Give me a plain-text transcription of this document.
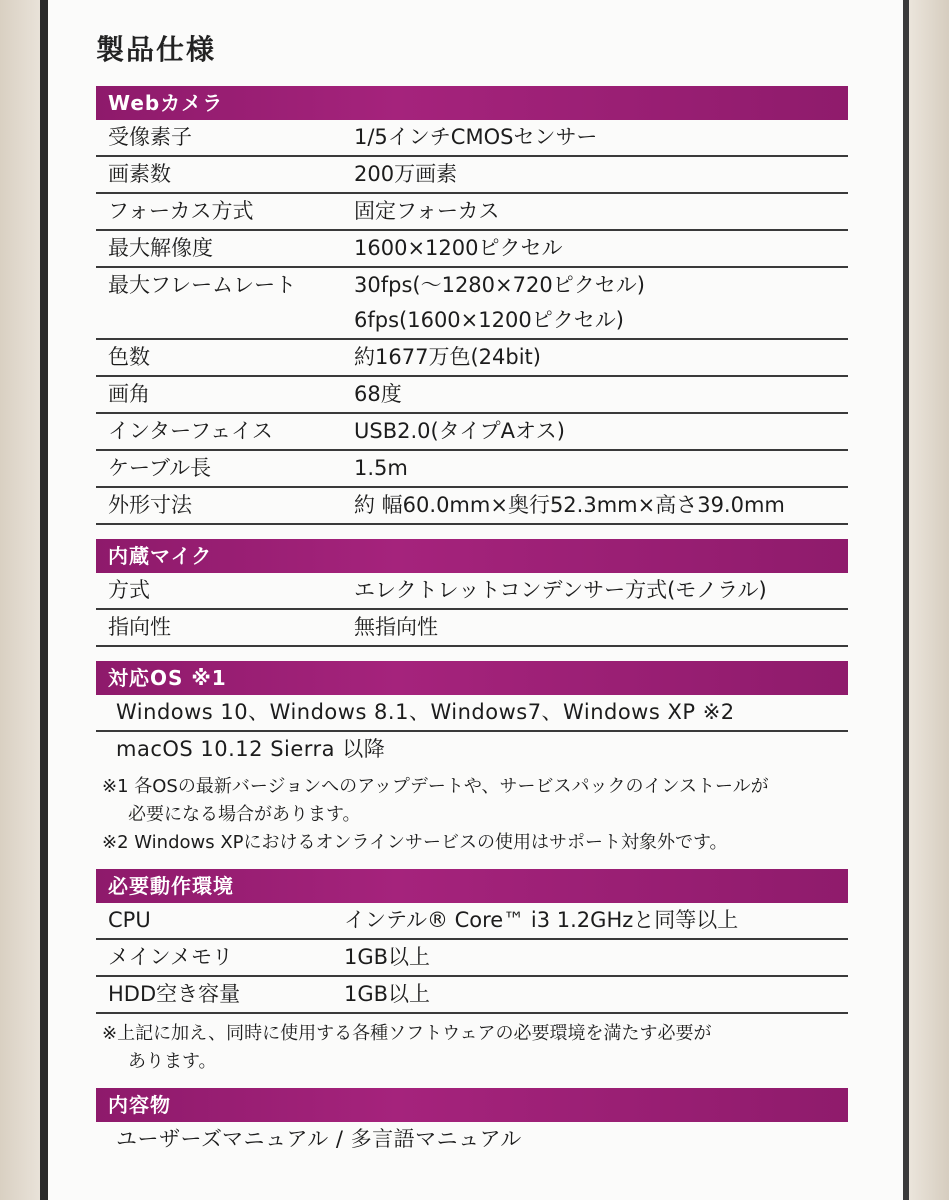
製品仕様
Webカメラ
受像素子	1/5インチCMOSセンサー
画素数	200万画素
フォーカス方式	固定フォーカス
最大解像度	1600×1200ピクセル
最大フレームレート	30fps(〜1280×720ピクセル)
6fps(1600×1200ピクセル)
色数	約1677万色(24bit)
画角	68度
インターフェイス	USB2.0(タイプAオス)
ケーブル長	1.5m
外形寸法	約 幅60.0mm×奥行52.3mm×高さ39.0mm
内蔵マイク
方式	エレクトレットコンデンサー方式(モノラル)
指向性	無指向性
対応OS ※1
Windows 10、Windows 8.1、Windows7、Windows XP ※2
macOS 10.12 Sierra 以降
※1 各OSの最新バージョンへのアップデートや、サービスパックのインストールが
必要になる場合があります。
※2 Windows XPにおけるオンラインサービスの使用はサポート対象外です。
必要動作環境
CPU	インテル® Core™ i3 1.2GHzと同等以上
メインメモリ	1GB以上
HDD空き容量	1GB以上
※上記に加え、同時に使用する各種ソフトウェアの必要環境を満たす必要が
あります。
内容物
ユーザーズマニュアル / 多言語マニュアル
